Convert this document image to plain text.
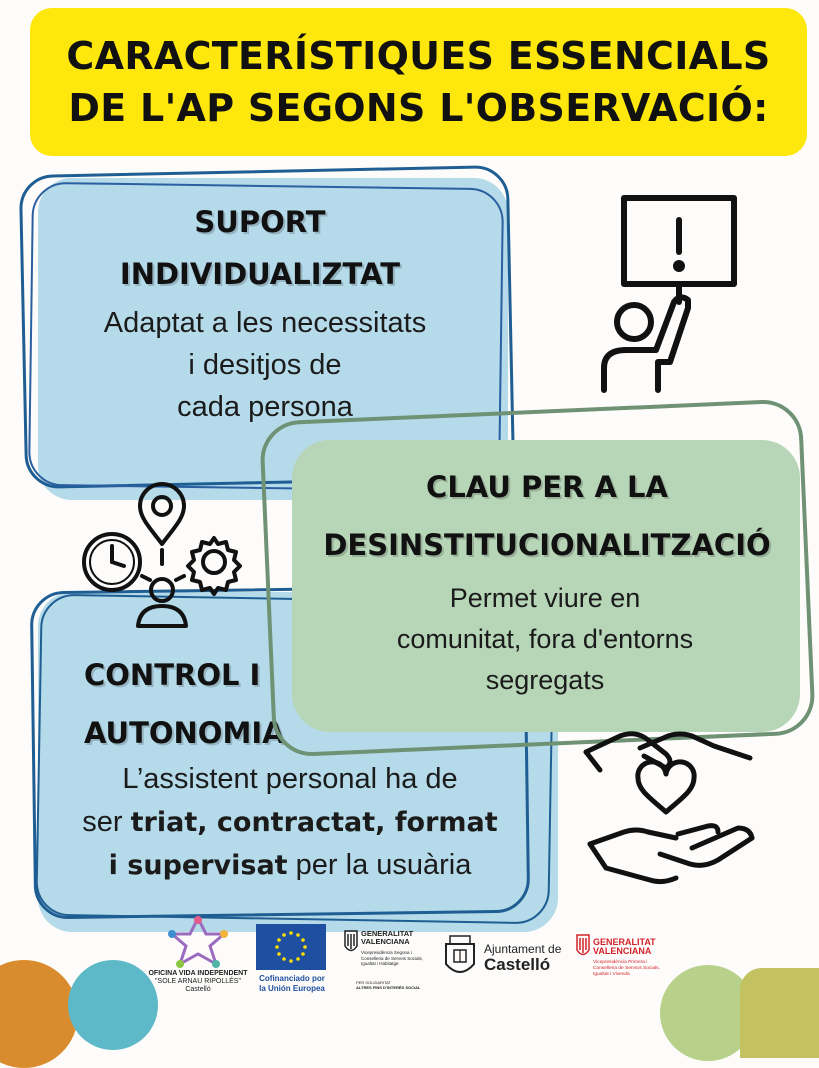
CARACTERÍSTIQUES ESSENCIALS
DE L'AP SEGONS L'OBSERVACIÓ:
SUPORT
INDIVIDUALIZTAT
Adaptat a les necessitats
i desitjos de
cada persona
CONTROL I
AUTONOMIA
L’assistent personal ha de
ser triat, contractat, format
i supervisat per la usuària
CLAU PER A LA
DESINSTITUCIONALITZACIÓ
Permet viure en
comunitat, fora d'entorns
segregats
OFICINA VIDA INDEPENDENT
"SOLE ARNAU RIPOLLÉS"
Castelló
Cofinanciado por
la Unión Europea
GENERALITAT
VALENCIANA
Vicepresidència Segona i
Conselleria de Serveis Socials,
Igualtat i Habitatge
PER SOLIDARITAT
ALTRES FINS D'INTERÈS SOCIAL
Ajuntament de
Castelló
GENERALITAT
VALENCIANA
Vicepresidència Primera i
Conselleria de Servicis Socials,
Igualtat i Vivenda
